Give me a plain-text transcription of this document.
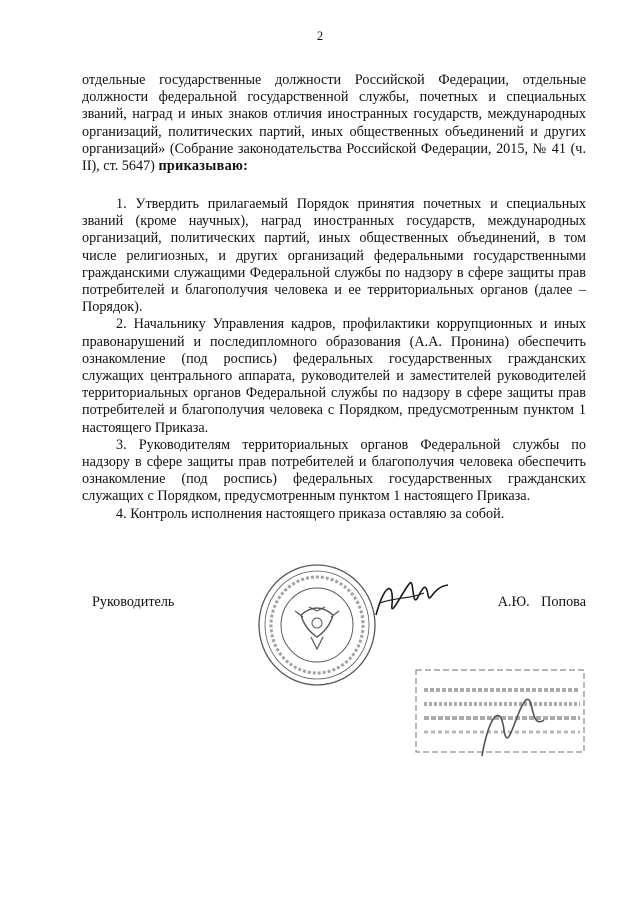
2
отдельные государственные должности Российской Федерации, отдельные должности федеральной государственной службы, почетных и специальных званий, наград и иных знаков отличия иностранных государств, международных организаций, политических партий, иных общественных объединений и других организаций» (Собрание законодательства Российской Федерации, 2015, № 41 (ч. II), ст. 5647) приказываю:

1. Утвердить прилагаемый Порядок принятия почетных и специальных званий (кроме научных), наград иностранных государств, международных организаций, политических партий, иных общественных объединений, в том числе религиозных, и других организаций федеральными государственными гражданскими служащими Федеральной службы по надзору в сфере защиты прав потребителей и благополучия человека и ее территориальных органов (далее – Порядок).

2. Начальнику Управления кадров, профилактики коррупционных и иных правонарушений и последипломного образования (А.А. Пронина) обеспечить ознакомление (под роспись) федеральных государственных гражданских служащих центрального аппарата, руководителей и заместителей руководителей территориальных органов Федеральной службы по надзору в сфере защиты прав потребителей и благополучия человека с Порядком, предусмотренным пунктом 1 настоящего Приказа.

3. Руководителям территориальных органов Федеральной службы по надзору в сфере защиты прав потребителей и благополучия человека обеспечить ознакомление (под роспись) федеральных государственных гражданских служащих с Порядком, предусмотренным пунктом 1 настоящего Приказа.

4. Контроль исполнения настоящего приказа оставляю за собой.

Руководитель	А.Ю. Попова
